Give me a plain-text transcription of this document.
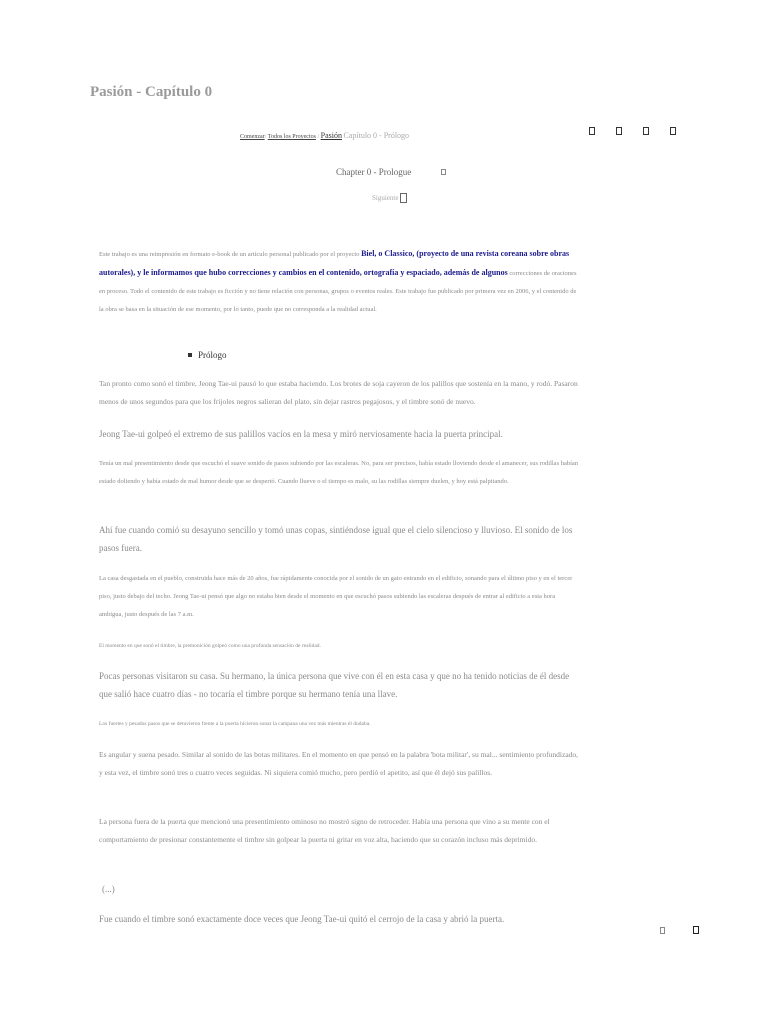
Pasión - Capítulo 0
Comenzar/ Todos los Proyectos / Pasión Capítulo 0 - Prólogo
Chapter 0 - Prologue
Siguiente
Este trabajo es una reimpresión en formato e-book de un artículo personal publicado por el proyecto Biel, o Classico, (proyecto de una revista coreana sobre obras autorales), y le informamos que hubo correcciones y cambios en el contenido, ortografía y espaciado, además de algunos correcciones de oraciones en proceso. Todo el contenido de este trabajo es ficción y no tiene relación con personas, grupos o eventos reales. Este trabajo fue publicado por primera vez en 2006, y el contenido de la obra se basa en la situación de ese momento, por lo tanto, puede que no corresponda a la realidad actual.
Prólogo
Tan pronto como sonó el timbre, Jeong Tae-ui pausó lo que estaba haciendo. Los brotes de soja cayeron de los palillos que sostenía en la mano, y rodó. Pasaron menos de unos segundos para que los frijoles negros salieran del plato, sin dejar rastros pegajosos, y el timbre sonó de nuevo.
Jeong Tae-ui golpeó el extremo de sus palillos vacíos en la mesa y miró nerviosamente hacia la puerta principal.
Tenía un mal presentimiento desde que escuchó el suave sonido de pasos subiendo por las escaleras. No, para ser precisos, había estado lloviendo desde el amanecer, sus rodillas habían estado doliendo y había estado de mal humor desde que se despertó. Cuando llueve o el tiempo es malo, su las rodillas siempre duelen, y hoy está palpitando.
Ahí fue cuando comió su desayuno sencillo y tomó unas copas, sintiéndose igual que el cielo silencioso y lluvioso. El sonido de los pasos fuera.
La casa desgastada en el pueblo, construida hace más de 20 años, fue rápidamente conocida por el sonido de un gato entrando en el edificio, sonando para el último piso y en el tercer piso, justo debajo del techo. Jeong Tae-ui pensó que algo no estaba bien desde el momento en que escuchó pasos subiendo las escaleras después de entrar al edificio a esta hora ambigua, justo después de las 7 a.m.
El momento en que sonó el timbre, la premonición golpeó como una profunda sensación de realidad.
Pocas personas visitaron su casa. Su hermano, la única persona que vive con él en esta casa y que no ha tenido noticias de él desde que salió hace cuatro días - no tocaría el timbre porque su hermano tenía una llave.
Los fuertes y pesados pasos que se detuvieron frente a la puerta hicieron sonar la campana una vez más mientras él dudaba.
Es angular y suena pesado. Similar al sonido de las botas militares. En el momento en que pensó en la palabra 'bota militar', su mal... sentimiento profundizado, y esta vez, el timbre sonó tres o cuatro veces seguidas. Ni siquiera comió mucho, pero perdió el apetito, así que él dejó sus palillos.
La persona fuera de la puerta que mencionó una presentimiento ominoso no mostró signo de retroceder. Había una persona que vino a su mente con el comportamiento de presionar constantemente el timbre sin golpear la puerta ni gritar en voz alta, haciendo que su corazón incluso más deprimido.
(...)
Fue cuando el timbre sonó exactamente doce veces que Jeong Tae-ui quitó el cerrojo de la casa y abrió la puerta.
